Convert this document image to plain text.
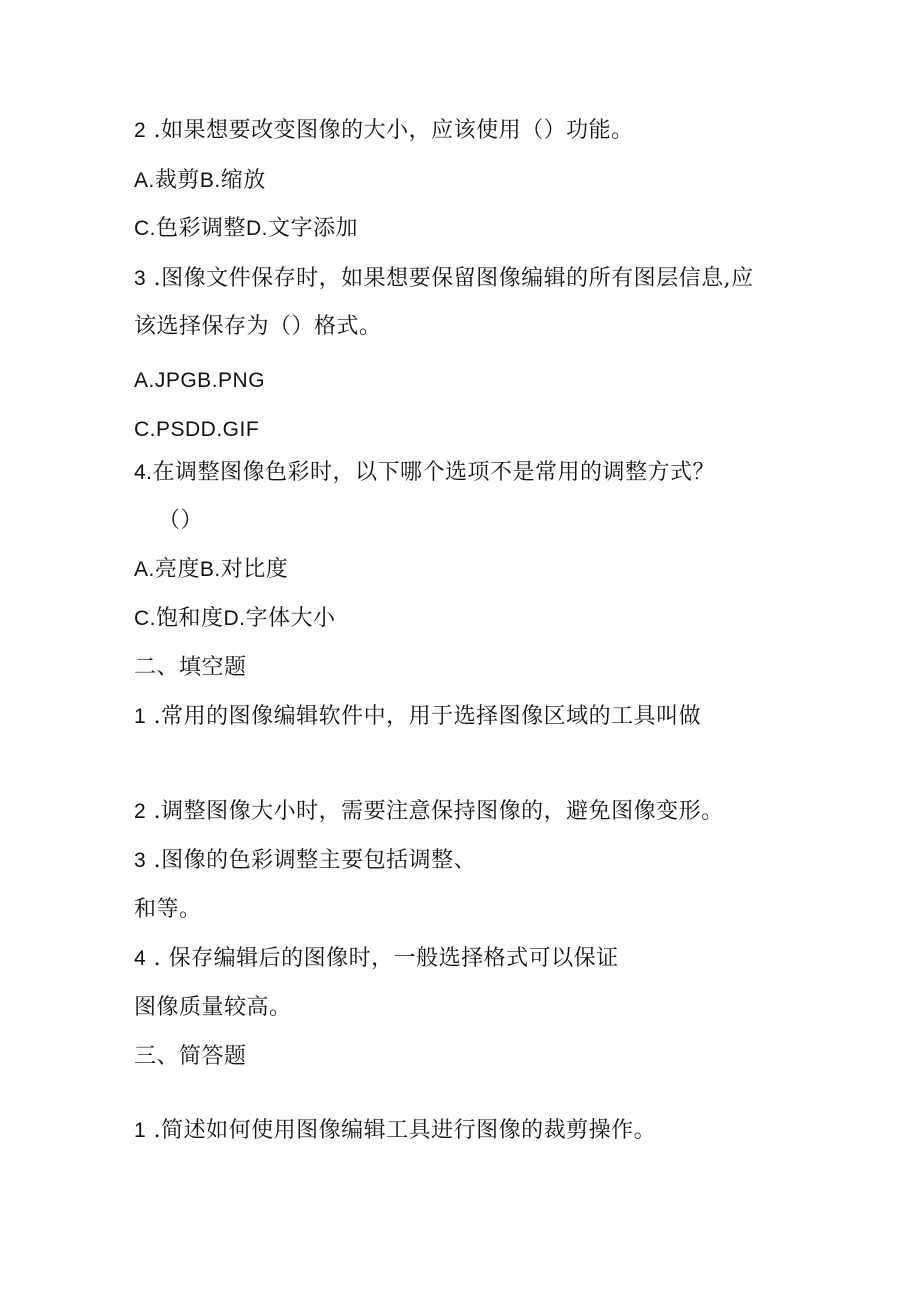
2 .如果想要改变图像的大小，应该使用（）功能。
A.裁剪B.缩放
C.色彩调整D.文字添加
3 .图像文件保存时，如果想要保留图像编辑的所有图层信息,应
该选择保存为（）格式。
A.JPGB.PNG
C.PSDD.GIF
4.在调整图像色彩时，以下哪个选项不是常用的调整方式？
（）
A.亮度B.对比度
C.饱和度D.字体大小
二、填空题
1 .常用的图像编辑软件中，用于选择图像区域的工具叫做
2 .调整图像大小时，需要注意保持图像的，避免图像变形。
3 .图像的色彩调整主要包括调整、
和等。
4 . 保存编辑后的图像时，一般选择格式可以保证
图像质量较高。
三、简答题
1 .简述如何使用图像编辑工具进行图像的裁剪操作。
